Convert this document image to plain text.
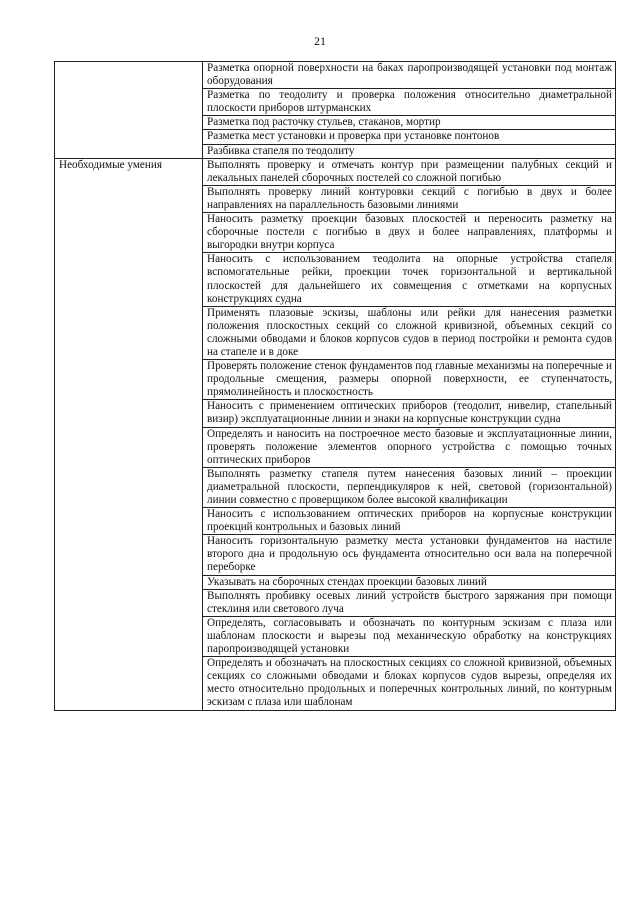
21
	Разметка опорной поверхности на баках паропроизводящей установки под монтаж оборудования
	Разметка по теодолиту и проверка положения относительно диаметральной плоскости приборов штурманских
	Разметка под расточку стульев, стаканов, мортир
	Разметка мест установки и проверка при установке понтонов
	Разбивка стапеля по теодолиту
Необходимые умения	Выполнять проверку и отмечать контур при размещении палубных секций и лекальных панелей сборочных постелей со сложной погибью
	Выполнять проверку линий контуровки секций с погибью в двух и более направлениях на параллельность базовыми линиями
	Наносить разметку проекции базовых плоскостей и переносить разметку на сборочные постели с погибью в двух и более направлениях, платформы и выгородки внутри корпуса
	Наносить с использованием теодолита на опорные устройства стапеля вспомогательные рейки, проекции точек горизонтальной и вертикальной плоскостей для дальнейшего их совмещения с отметками на корпусных конструкциях судна
	Применять плазовые эскизы, шаблоны или рейки для нанесения разметки положения плоскостных секций со сложной кривизной, объемных секций со сложными обводами и блоков корпусов судов в период постройки и ремонта судов на стапеле и в доке
	Проверять положение стенок фундаментов под главные механизмы на поперечные и продольные смещения, размеры опорной поверхности, ее ступенчатость, прямолинейность и плоскостность
	Наносить с применением оптических приборов (теодолит, нивелир, стапельный визир) эксплуатационные линии и знаки на корпусные конструкции судна
	Определять и наносить на построечное место базовые и эксплуатационные линии, проверять положение элементов опорного устройства с помощью точных оптических приборов
	Выполнять разметку стапеля путем нанесения базовых линий – проекции диаметральной плоскости, перпендикуляров к ней, световой (горизонтальной) линии совместно с проверщиком более высокой квалификации
	Наносить с использованием оптических приборов на корпусные конструкции проекций контрольных и базовых линий
	Наносить горизонтальную разметку места установки фундаментов на настиле второго дна и продольную ось фундамента относительно оси вала на поперечной переборке
	Указывать на сборочных стендах проекции базовых линий
	Выполнять пробивку осевых линий устройств быстрого заряжания при помощи стеклиня или светового луча
	Определять, согласовывать и обозначать по контурным эскизам с плаза или шаблонам плоскости и вырезы под механическую обработку на конструкциях паропроизводящей установки
	Определять и обозначать на плоскостных секциях со сложной кривизной, объемных секциях со сложными обводами и блоках корпусов судов вырезы, определяя их место относительно продольных и поперечных контрольных линий, по контурным эскизам с плаза или шаблонам
